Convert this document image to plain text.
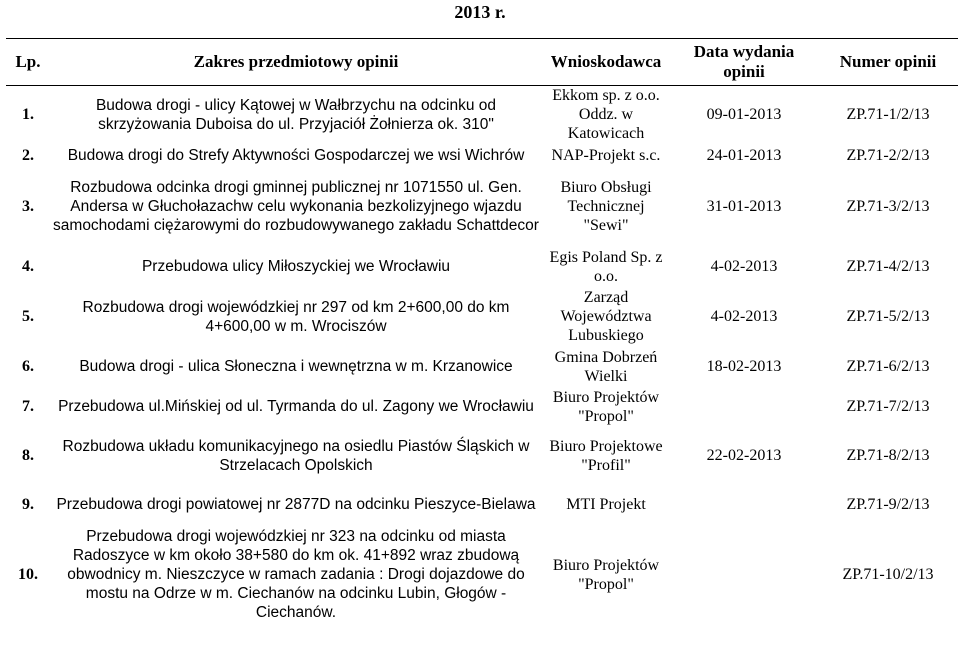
2013 r.
Lp.	Zakres przedmiotowy opinii	Wnioskodawca	Data wydania opinii	Numer opinii
1.	Budowa drogi - ulicy Kątowej w Wałbrzychu na odcinku od skrzyżowania Duboisa do ul. Przyjaciół Żołnierza ok. 310"	Ekkom sp. z o.o. Oddz. w Katowicach	09-01-2013	ZP.71-1/2/13
2.	Budowa drogi do Strefy Aktywności Gospodarczej we wsi Wichrów	NAP-Projekt s.c.	24-01-2013	ZP.71-2/2/13
3.	Rozbudowa odcinka drogi gminnej publicznej nr 1071550 ul. Gen. Andersa w Głuchołazachw celu wykonania bezkolizyjnego wjazdu samochodami ciężarowymi do rozbudowywanego zakładu Schattdecor	Biuro Obsługi Technicznej "Sewi"	31-01-2013	ZP.71-3/2/13
4.	Przebudowa ulicy Miłoszyckiej we Wrocławiu	Egis Poland Sp. z o.o.	4-02-2013	ZP.71-4/2/13
5.	Rozbudowa drogi wojewódzkiej nr 297 od km 2+600,00 do km 4+600,00 w m. Wrociszów	Zarząd Województwa Lubuskiego	4-02-2013	ZP.71-5/2/13
6.	Budowa drogi - ulica Słoneczna i wewnętrzna w m. Krzanowice	Gmina Dobrzeń Wielki	18-02-2013	ZP.71-6/2/13
7.	Przebudowa ul.Mińskiej od ul. Tyrmanda do ul. Zagony we Wrocławiu	Biuro Projektów "Propol"		ZP.71-7/2/13
8.	Rozbudowa układu komunikacyjnego na osiedlu Piastów Śląskich w Strzelacach Opolskich	Biuro Projektowe "Profil"	22-02-2013	ZP.71-8/2/13
9.	Przebudowa drogi powiatowej nr 2877D na odcinku Pieszyce-Bielawa	MTI Projekt		ZP.71-9/2/13
10.	Przebudowa drogi wojewódzkiej nr 323 na odcinku od miasta Radoszyce w km około 38+580 do km ok. 41+892 wraz zbudową obwodnicy m. Nieszczyce w ramach zadania : Drogi dojazdowe do mostu na Odrze w m. Ciechanów na odcinku Lubin, Głogów - Ciechanów.	Biuro Projektów "Propol"		ZP.71-10/2/13
